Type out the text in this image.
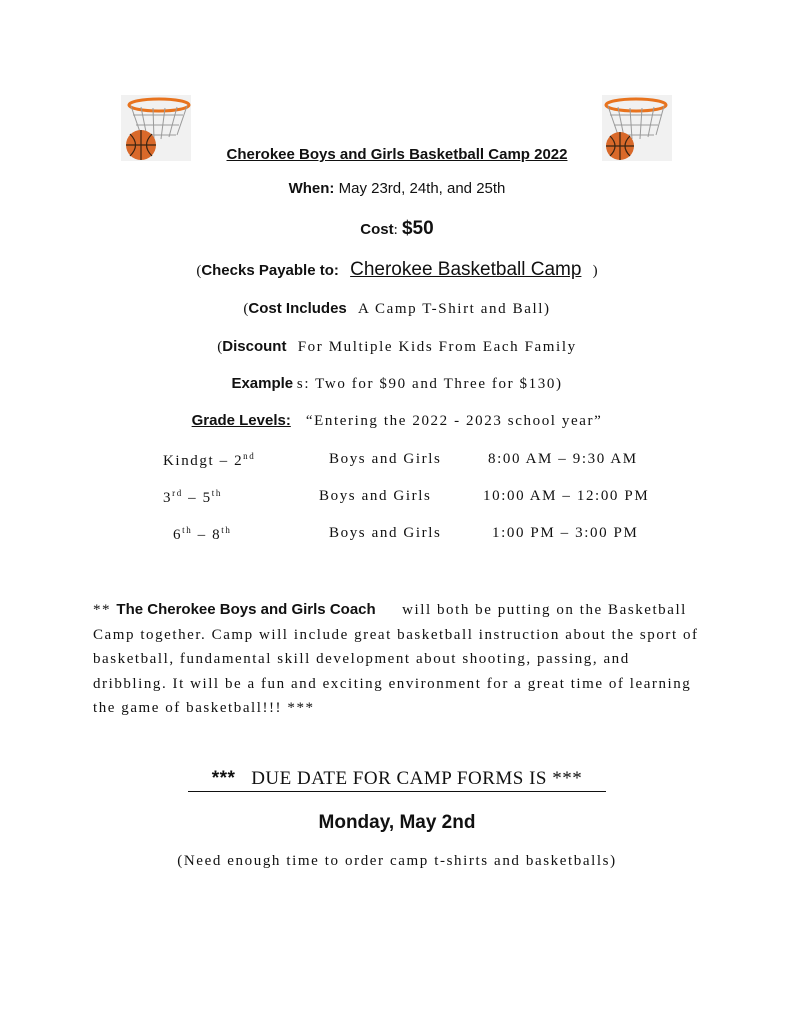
Cherokee Boys and Girls Basketball Camp 2022
When: May 23rd, 24th, and 25th
Cost: $50
(Checks Payable to: Cherokee Basketball Camp )
(Cost Includes A Camp T-Shirt and Ball)
(Discount For Multiple Kids From Each Family
Example s: Two for $90 and Three for $130)
Grade Levels: “Entering the 2022 - 2023 school year”
Kindgt – 2nd	Boys and Girls	8:00 AM – 9:30 AM
3rd – 5th	Boys and Girls	10:00 AM – 12:00 PM
6th – 8th	Boys and Girls	1:00 PM – 3:00 PM
** The Cherokee Boys and Girls Coach will both be putting on the Basketball Camp together. Camp will include great basketball instruction about the sport of basketball, fundamental skill development about shooting, passing, and dribbling. It will be a fun and exciting environment for a great time of learning the game of basketball!!! ***
*** DUE DATE FOR CAMP FORMS IS ***
Monday, May 2nd
(Need enough time to order camp t-shirts and basketballs)
